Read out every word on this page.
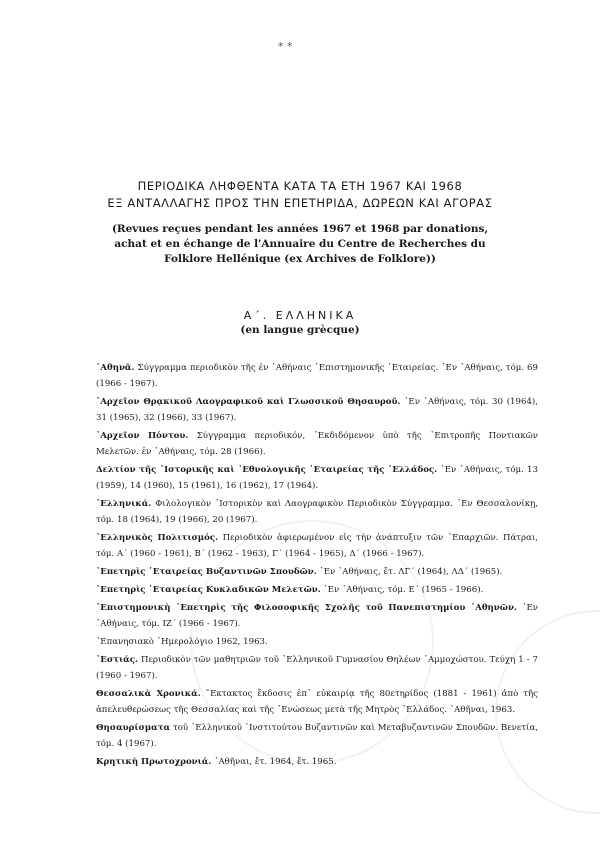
* *
ΠΕΡΙΟΔΙΚΑ ΛΗΦΘΕΝΤΑ ΚΑΤΑ ΤΑ ΕΤΗ 1967 ΚΑΙ 1968
ΕΞ ΑΝΤΑΛΛΑΓΗΣ ΠΡΟΣ ΤΗΝ ΕΠΕΤΗΡΙΔΑ, ΔΩΡΕΩΝ ΚΑΙ ΑΓΟΡΑΣ
(Revues reçues pendant les années 1967 et 1968 par donations,
achat et en échange de l'Annuaire du Centre de Recherches du
Folklore Hellénique (ex Archives de Folklore))
Α΄. ΕΛΛΗΝΙΚΑ
(en langue grècque)

᾿Αθηνᾶ. Σύγγραμμα περιοδικὸν τῆς ἐν ᾿Αθήναις ᾿Επιστημονικῆς ᾿Εταιρείας. ᾿Εν ᾿Αθήναις, τόμ. 69 (1966 - 1967).

᾿Αρχεῖον Θρᾳκικοῦ Λαογραφικοῦ καὶ Γλωσσικοῦ Θησαυροῦ. ᾿Εν ᾿Αθήναις, τόμ. 30 (1964), 31 (1965), 32 (1966), 33 (1967).

᾿Αρχεῖον Πόντου. Σύγγραμμα περιοδικόν, ᾿Εκδιδόμενον ὑπὸ τῆς ᾿Επιτροπῆς Ποντιακῶν Μελετῶν. ἐν ᾿Αθήναις, τόμ. 28 (1966).

Δελτίον τῆς ᾿Ιστορικῆς καὶ ᾿Εθνολογικῆς ᾿Εταιρείας τῆς ῾Ελλάδος. ᾿Εν ᾿Αθήναις, τόμ. 13 (1959), 14 (1960), 15 (1961), 16 (1962), 17 (1964).

῾Ελληνικά. Φιλολογικὸν ᾿Ιστορικὸν καὶ Λαογραφικὸν Περιοδικὸν Σύγγραμμα. ᾿Εν Θεσσαλονίκῃ, τόμ. 18 (1964), 19 (1966), 20 (1967).

῾Ελληνικὸς Πολιτισμός. Περιοδικὸν ἀφιερωμένον εἰς τὴν ἀνάπτυξιν τῶν ᾿Επαρχιῶν. Πάτραι, τόμ. Α΄ (1960 - 1961), Β΄ (1962 - 1963), Γ΄ (1964 - 1965), Δ΄ (1966 - 1967).

᾿Επετηρὶς ῾Εταιρείας Βυζαντινῶν Σπουδῶν. ᾿Εν ᾿Αθήναις, ἔτ. ΛΓ΄ (1964), ΛΔ΄ (1965).

᾿Επετηρὶς ῾Εταιρείας Κυκλαδικῶν Μελετῶν. ᾿Εν ᾿Αθήναις, τόμ. Ε΄ (1965 - 1966).

᾿Επιστημονικὴ ᾿Επετηρὶς τῆς Φιλοσοφικῆς Σχολῆς τοῦ Πανεπιστημίου ᾿Αθηνῶν. ᾿Εν ᾿Αθήναις, τόμ. ΙΖ΄ (1966 - 1967).

᾿Επανησιακὸ ῾Ημερολόγιο 1962, 1963.

᾿Εστιάς. Περιοδικὸν τῶν μαθητριῶν τοῦ ῾Ελληνικοῦ Γυμνασίου Θηλέων ᾿Αμμοχώστου. Τεύχη 1 - 7 (1960 - 1967).

Θεσσαλικὰ Χρονικά. ῎Εκτακτος ἔκδοσις ἐπ᾿ εὐκαιρίᾳ τῆς 80ετηρίδος (1881 - 1961) ἀπὸ τῆς ἀπελευθερώσεως τῆς Θεσσαλίας καὶ τῆς ῾Ενώσεως μετὰ τῆς Μητρὸς ῾Ελλάδος. ᾿Αθῆναι, 1963.

Θησαυρίσματα τοῦ ῾Ελληνικοῦ ᾿Ινστιτούτου Βυζαντινῶν καὶ Μεταβυζαντινῶν Σπουδῶν. Βενετία, τόμ. 4 (1967).

Κρητικὴ Πρωτοχρονιά. ᾿Αθῆναι, ἔτ. 1964, ἔτ. 1965.
